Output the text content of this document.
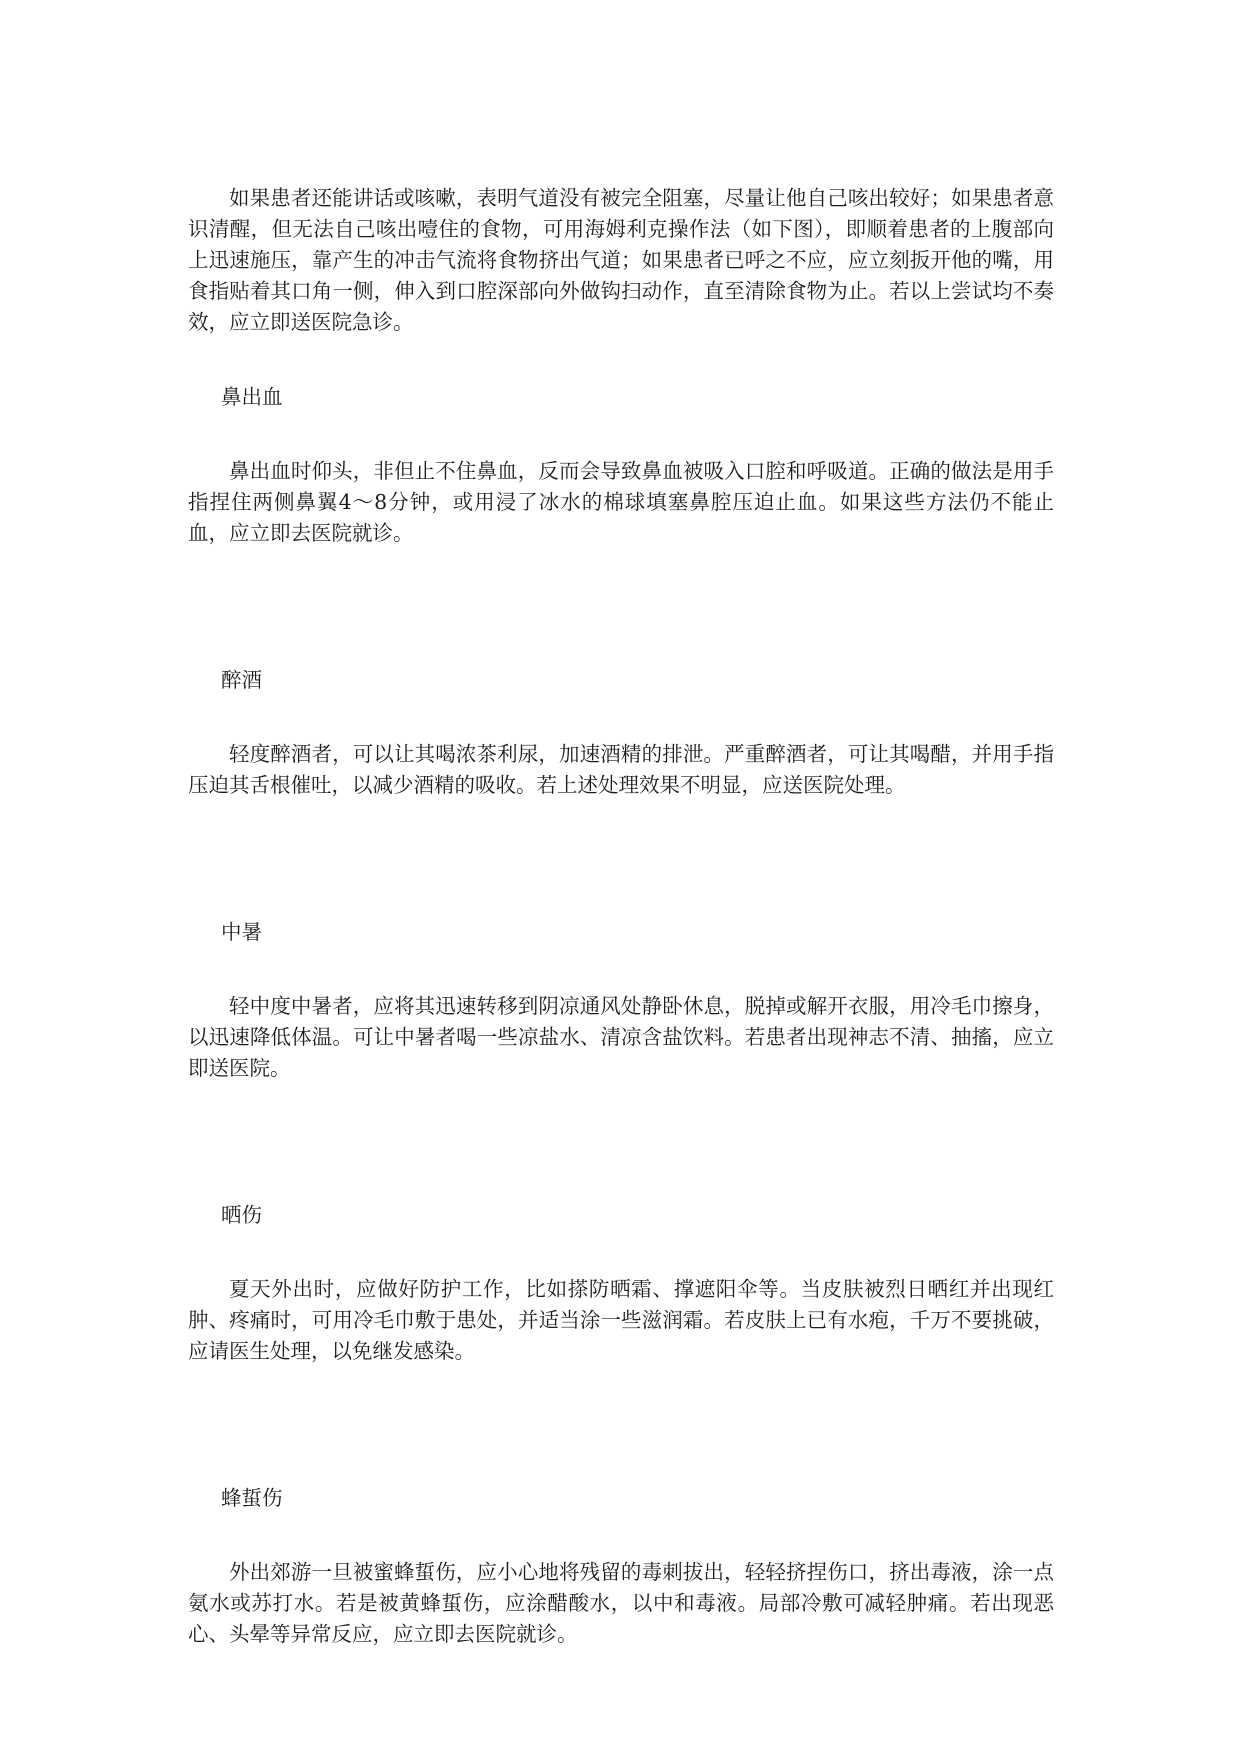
如果患者还能讲话或咳嗽，表明气道没有被完全阻塞，尽量让他自己咳出较好；如果患者意识清醒，但无法自己咳出噎住的食物，可用海姆利克操作法（如下图），即顺着患者的上腹部向上迅速施压，靠产生的冲击气流将食物挤出气道；如果患者已呼之不应，应立刻扳开他的嘴，用食指贴着其口角一侧，伸入到口腔深部向外做钩扫动作，直至清除食物为止。若以上尝试均不奏效，应立即送医院急诊。

鼻出血

鼻出血时仰头，非但止不住鼻血，反而会导致鼻血被吸入口腔和呼吸道。正确的做法是用手指捏住两侧鼻翼4～8分钟，或用浸了冰水的棉球填塞鼻腔压迫止血。如果这些方法仍不能止血，应立即去医院就诊。

醉酒

轻度醉酒者，可以让其喝浓茶利尿，加速酒精的排泄。严重醉酒者，可让其喝醋，并用手指压迫其舌根催吐，以减少酒精的吸收。若上述处理效果不明显，应送医院处理。

中暑

轻中度中暑者，应将其迅速转移到阴凉通风处静卧休息，脱掉或解开衣服，用冷毛巾擦身，以迅速降低体温。可让中暑者喝一些凉盐水、清凉含盐饮料。若患者出现神志不清、抽搐，应立即送医院。

晒伤

夏天外出时，应做好防护工作，比如搽防晒霜、撑遮阳伞等。当皮肤被烈日晒红并出现红肿、疼痛时，可用冷毛巾敷于患处，并适当涂一些滋润霜。若皮肤上已有水疱，千万不要挑破，应请医生处理，以免继发感染。

蜂蜇伤

外出郊游一旦被蜜蜂蜇伤，应小心地将残留的毒刺拔出，轻轻挤捏伤口，挤出毒液，涂一点氨水或苏打水。若是被黄蜂蜇伤，应涂醋酸水，以中和毒液。局部冷敷可减轻肿痛。若出现恶心、头晕等异常反应，应立即去医院就诊。
